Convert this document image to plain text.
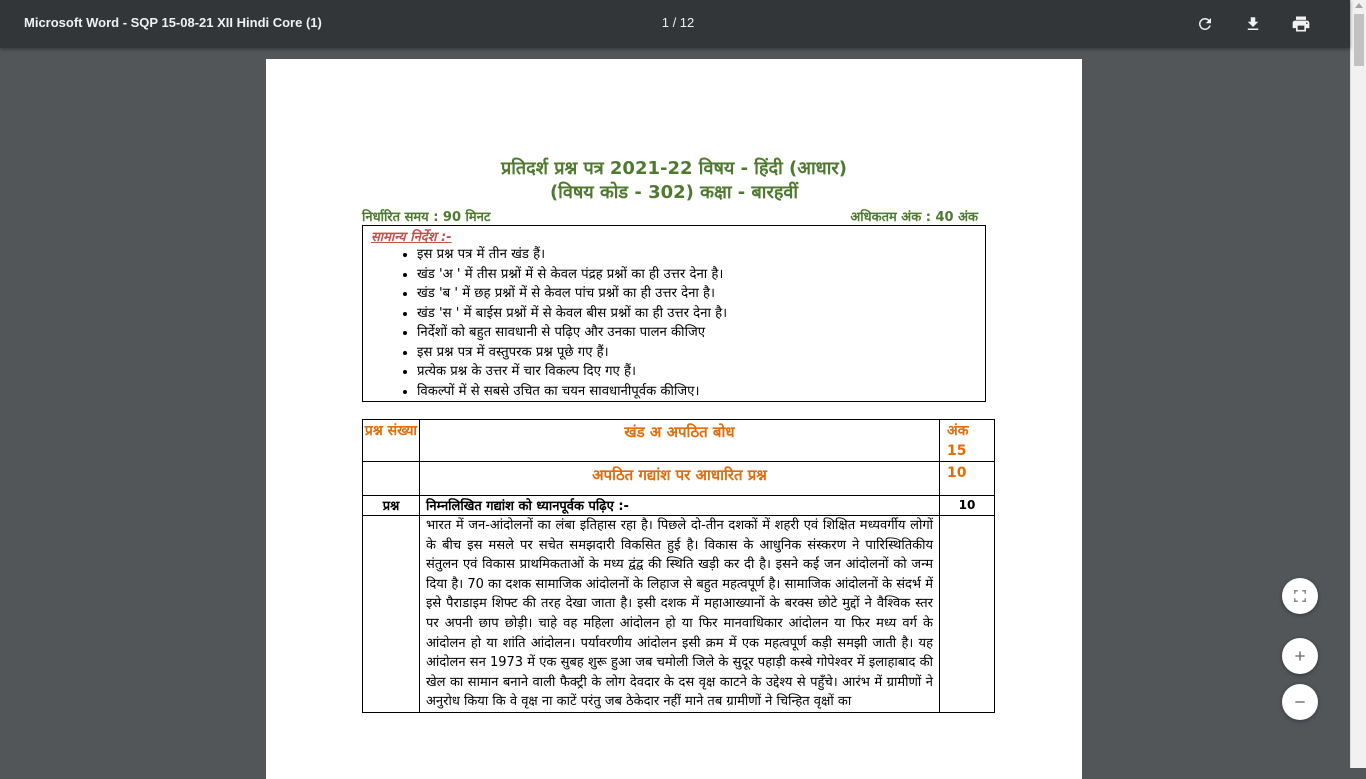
Microsoft Word - SQP 15-08-21 XII Hindi Core (1)	1 / 12
प्रतिदर्श प्रश्न पत्र 2021-22 विषय - हिंदी (आधार)
(विषय कोड - 302) कक्षा - बारहवीं
निर्धारित समय : 90 मिनट	अधिकतम अंक : 40 अंक
सामान्य निर्देश :-
• इस प्रश्न पत्र में तीन खंड हैं।
• खंड 'अ ' में तीस प्रश्नों में से केवल पंद्रह प्रश्नों का ही उत्तर देना है।
• खंड 'ब ' में छह प्रश्नों में से केवल पांच प्रश्नों का ही उत्तर देना है।
• खंड 'स ' में बाईस प्रश्नों में से केवल बीस प्रश्नों का ही उत्तर देना है।
• निर्देशों को बहुत सावधानी से पढ़िए और उनका पालन कीजिए
• इस प्रश्न पत्र में वस्तुपरक प्रश्न पूछे गए हैं।
• प्रत्येक प्रश्न के उत्तर में चार विकल्प दिए गए हैं।
• विकल्पों में से सबसे उचित का चयन सावधानीपूर्वक कीजिए।
प्रश्न संख्या	खंड अ अपठित बोध	अंक
15

	अपठित गद्यांश पर आधारित प्रश्न	10
प्रश्न	निम्नलिखित गद्यांश को ध्यानपूर्वक पढ़िए :-	10
	भारत में जन-आंदोलनों का लंबा इतिहास रहा है। पिछले दो-तीन दशकों में शहरी एवं शिक्षित मध्यवर्गीय लोगों के बीच इस मसले पर सचेत समझदारी विकसित हुई है। विकास के आधुनिक संस्करण ने पारिस्थितिकीय संतुलन एवं विकास प्राथमिकताओं के मध्य द्वंद्व की स्थिति खड़ी कर दी है। इसने कई जन आंदोलनों को जन्म दिया है। 70 का दशक सामाजिक आंदोलनों के लिहाज से बहुत महत्वपूर्ण है। सामाजिक आंदोलनों के संदर्भ में इसे पैराडाइम शिफ्ट की तरह देखा जाता है। इसी दशक में महाआख्यानों के बरक्स छोटे मुद्दों ने वैश्विक स्तर पर अपनी छाप छोड़ी। चाहे वह महिला आंदोलन हो या फिर मानवाधिकार आंदोलन या फिर मध्य वर्ग के आंदोलन हो या शांति आंदोलन। पर्यावरणीय आंदोलन इसी क्रम में एक महत्वपूर्ण कड़ी समझी जाती है। यह आंदोलन सन 1973 में एक सुबह शुरू हुआ जब चमोली जिले के सुदूर पहाड़ी कस्बे गोपेश्वर में इलाहाबाद की खेल का सामान बनाने वाली फैक्ट्री के लोग देवदार के दस वृक्ष काटने के उद्देश्य से पहुँचे। आरंभ में ग्रामीणों ने अनुरोध किया कि वे वृक्ष ना काटें परंतु जब ठेकेदार नहीं माने तब ग्रामीणों ने चिन्हित वृक्षों का	
